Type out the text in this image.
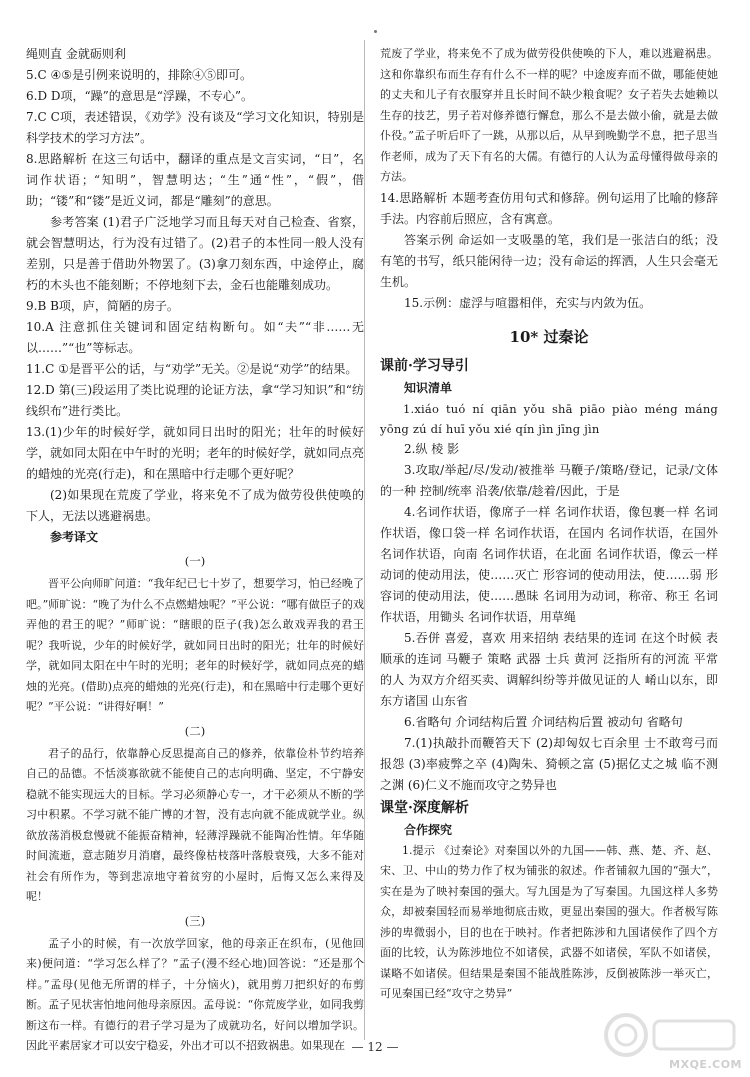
绳则直 金就砺则利

5.C ④⑤是引例来说明的，排除④⑤即可。

6.D D项，“躁”的意思是“浮躁，不专心”。

7.C C项，表述错误，《劝学》没有谈及“学习文化知识，特别是科学技术的学习方法”。

8.思路解析 在这三句话中，翻译的重点是文言实词，“日”，名词作状语；“知明”，智慧明达；“生”通“性”，“假”，借助；“镂”和“镂”是近义词，都是“雕刻”的意思。

参考答案 (1)君子广泛地学习而且每天对自己检查、省察，就会智慧明达，行为没有过错了。(2)君子的本性同一般人没有差别，只是善于借助外物罢了。(3)拿刀刻东西，中途停止，腐朽的木头也不能刻断；不停地刻下去，金石也能雕刻成功。

9.B B项，庐，简陋的房子。

10.A 注意抓住关键词和固定结构断句。如“夫”“非……无以……”“也”等标志。

11.C ①是晋平公的话，与“劝学”无关。②是说“劝学”的结果。

12.D 第(三)段运用了类比说理的论证方法，拿“学习知识”和“纺线织布”进行类比。

13.(1)少年的时候好学，就如同日出时的阳光；壮年的时候好学，就如同太阳在中午时的光明；老年的时候好学，就如同点亮的蜡烛的光亮(行走)，和在黑暗中行走哪个更好呢？

(2)如果现在荒废了学业，将来免不了成为做劳役供使唤的下人，无法以逃避祸患。

参考译文

(一)

晋平公向师旷问道：“我年纪已七十岁了，想要学习，怕已经晚了吧。”师旷说：“晚了为什么不点燃蜡烛呢？”平公说：“哪有做臣子的戏弄他的君王的呢？”师旷说：“瞎眼的臣子(我)怎么敢戏弄我的君王呢？我听说，少年的时候好学，就如同日出时的阳光；壮年的时候好学，就如同太阳在中午时的光明；老年的时候好学，就如同点亮的蜡烛的光亮。(借助)点亮的蜡烛的光亮(行走)，和在黑暗中行走哪个更好呢？”平公说：“讲得好啊！”

(二)

君子的品行，依靠静心反思提高自己的修养，依靠俭朴节约培养自己的品德。不恬淡寡欲就不能使自己的志向明确、坚定，不宁静安稳就不能实现远大的目标。学习必须静心专一，才干必须从不断的学习中积累。不学习就不能广博的才智，没有志向就不能成就学业。纵欲放荡消极怠慢就不能振奋精神，轻薄浮躁就不能陶冶性情。年华随时间流逝，意志随岁月消磨，最终像枯枝落叶落般衰残，大多不能对社会有所作为，等到悲凉地守着贫穷的小屋时，后悔又怎么来得及呢！

(三)

孟子小的时候，有一次放学回家，他的母亲正在织布，(见他回来)便问道：“学习怎么样了？”孟子(漫不经心地)回答说：“还是那个样。”孟母(见他无所谓的样子，十分恼火)，就用剪刀把织好的布剪断。孟子见状害怕地问他母亲原因。孟母说：“你荒废学业，如同我剪断这布一样。有德行的君子学习是为了成就功名，好问以增加学识。因此平素居家才可以安宁稳妥，外出才可以不招致祸患。如果现在

荒废了学业，将来免不了成为做劳役供使唤的下人，难以逃避祸患。这和你靠织布而生存有什么不一样的呢？中途废弃而不做，哪能使她的丈夫和儿子有衣服穿并且长时间不缺少粮食呢？女子若失去她赖以生存的技艺，男子若对修养德行懈怠，那么不是去做小偷，就是去做仆役。”孟子听后吓了一跳，从那以后，从早到晚勤学不息，把子思当作老师，成为了天下有名的大儒。有德行的人认为孟母懂得做母亲的方法。

14.思路解析 本题考查仿用句式和修辞。例句运用了比喻的修辞手法。内容前后照应，含有寓意。

答案示例 命运如一支吸墨的笔，我们是一张洁白的纸；没有笔的书写，纸只能闲待一边；没有命运的挥洒，人生只会毫无生机。

15.示例：虚浮与喧嚣相伴，充实与内敛为伍。

10* 过秦论
课前·学习导引

知识清单

1.xiáo tuó ní qiān yǒu shā piāo piào méng máng yōng zú dí huī yǒu xié qín jìn jīng jìn

2.纵 棱 影

3.攻取/举起/尽/发动/被推举 马鞭子/策略/登记，记录/文体的一种 控制/统率 沿袭/依靠/趁着/因此，于是

4.名词作状语，像席子一样 名词作状语，像包裹一样 名词作状语，像口袋一样 名词作状语，在国内 名词作状语，在国外 名词作状语，向南 名词作状语，在北面 名词作状语，像云一样 动词的使动用法，使……灭亡 形容词的使动用法，使……弱 形容词的使动用法，使……愚昧 名词用为动词，称帝、称王 名词作状语，用锄头 名词作状语，用草绳

5.吞併 喜爱，喜欢 用来招纳 表结果的连词 在这个时候 表顺承的连词 马鞭子 策略 武器 士兵 黄河 泛指所有的河流 平常的人 为双方介绍买卖、调解纠纷等并做见证的人 崤山以东，即东方诸国 山东省

6.省略句 介词结构后置 介词结构后置 被动句 省略句

7.(1)执敲扑而鞭笞天下 (2)却匈奴七百余里 士不敢弯弓而报怨 (3)率疲弊之卒 (4)陶朱、猗顿之富 (5)据亿丈之城 临不测之渊 (6)仁义不施而攻守之势异也

课堂·深度解析

合作探究

1.提示 《过秦论》对秦国以外的九国——韩、燕、楚、齐、赵、宋、卫、中山的势力作了权为铺张的叙述。作者铺叙九国的“强大”，实在是为了映衬秦国的强大。写九国是为了写秦国。九国这样人多势众，却被秦国轻而易举地彻底击败，更显出秦国的强大。作者极写陈涉的卑微弱小，目的也在于映衬。作者把陈涉和九国诸侯作了四个方面的比较，认为陈涉地位不如诸侯，武器不如诸侯，军队不如诸侯，谋略不如诸侯。但结果是秦国不能战胜陈涉，反倒被陈涉一举灭亡，可见秦国已经“攻守之势异”

— 12 —
MXQE.COM
